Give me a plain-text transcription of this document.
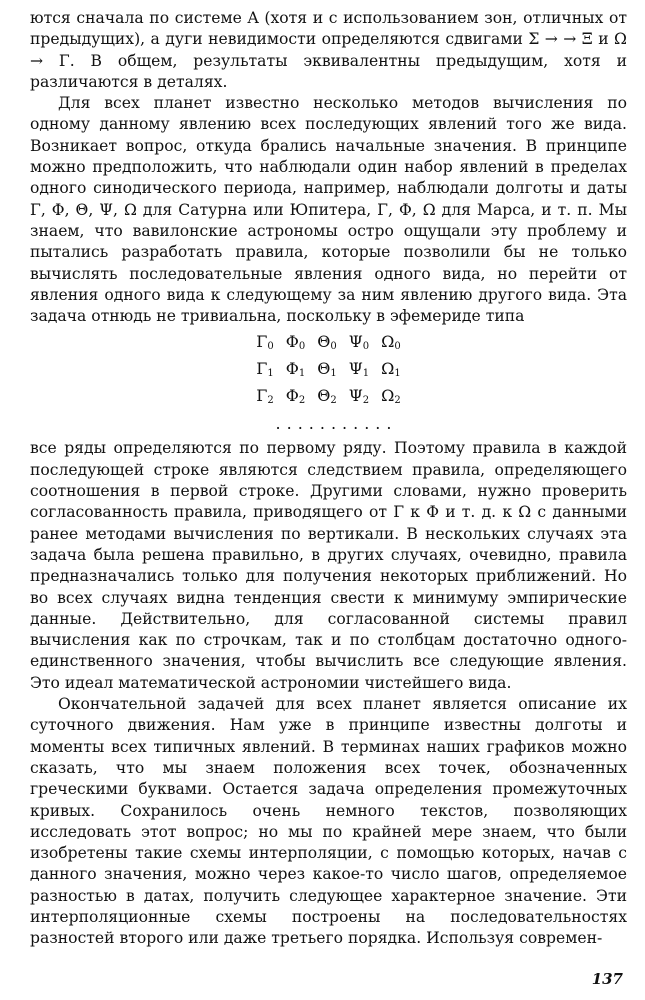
ются сначала по системе A (хотя и с использованием зон, отличных от предыдущих), а дуги невидимости определяются сдвигами Σ → → Ξ и Ω → Γ. В общем, результаты эквивалентны предыдущим, хотя и различаются в деталях.

Для всех планет известно несколько методов вычисления по одному данному явлению всех последующих явлений того же вида. Возникает вопрос, откуда брались начальные значения. В принципе можно предположить, что наблюдали один набор явлений в пределах одного синодического периода, например, наблюдали долготы и даты Γ, Φ, Θ, Ψ, Ω для Сатурна или Юпитера, Γ, Φ, Ω для Марса, и т. п. Мы знаем, что вавилонские астрономы остро ощущали эту проблему и пытались разработать правила, которые позволили бы не только вычислять последовательные явления одного вида, но перейти от явления одного вида к следующему за ним явлению другого вида. Эта задача отнюдь не тривиальна, поскольку в эфемериде типа

$\Gamma_0$	$\Phi_0$	$\Theta_0$	$\Psi_0$	$\Omega_0$
$\Gamma_1$	$\Phi_1$	$\Theta_1$	$\Psi_1$	$\Omega_1$
$\Gamma_2$	$\Phi_2$	$\Theta_2$	$\Psi_2$	$\Omega_2$
...........

все ряды определяются по первому ряду. Поэтому правила в каждой последующей строке являются следствием правила, определяющего соотношения в первой строке. Другими словами, нужно проверить согласованность правила, приводящего от Γ к Φ и т. д. к Ω с данными ранее методами вычисления по вертикали. В нескольких случаях эта задача была решена правильно, в других случаях, очевидно, правила предназначались только для получения некоторых приближений. Но во всех случаях видна тенденция свести к минимуму эмпирические данные. Действительно, для согласованной системы правил вычисления как по строчкам, так и по столбцам достаточно одного-единственного значения, чтобы вычислить все следующие явления. Это идеал математической астрономии чистейшего вида.

Окончательной задачей для всех планет является описание их суточного движения. Нам уже в принципе известны долготы и моменты всех типичных явлений. В терминах наших графиков можно сказать, что мы знаем положения всех точек, обозначенных греческими буквами. Остается задача определения промежуточных кривых. Сохранилось очень немного текстов, позволяющих исследовать этот вопрос; но мы по крайней мере знаем, что были изобретены такие схемы интерполяции, с помощью которых, начав с данного значения, можно через какое-то число шагов, определяемое разностью в датах, получить следующее характерное значение. Эти интерполяционные схемы построены на последовательностях разностей второго или даже третьего порядка. Используя современ-

137
